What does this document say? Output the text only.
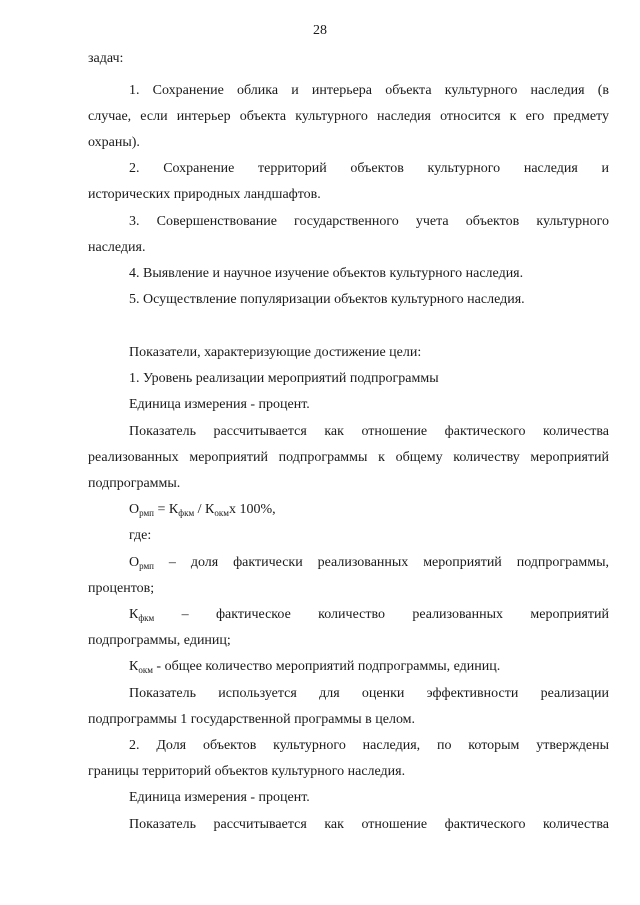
28
задач:
1. Сохранение облика и интерьера объекта культурного наследия (в
случае, если интерьер объекта культурного наследия относится к его предмету
охраны).
2. Сохранение территорий объектов культурного наследия и
исторических природных ландшафтов.
3. Совершенствование государственного учета объектов культурного
наследия.
4. Выявление и научное изучение объектов культурного наследия.
5. Осуществление популяризации объектов культурного наследия.
Показатели, характеризующие достижение цели:
1. Уровень реализации мероприятий подпрограммы
Единица измерения - процент.
Показатель рассчитывается как отношение фактического количества
реализованных мероприятий подпрограммы к общему количеству мероприятий
подпрограммы.
$О_{рмп} = К_{фкм} / К_{окм}х$ 100%,
где:
$О_{рмп}$ – доля фактически реализованных мероприятий подпрограммы,
процентов;
$К_{фкм}$ – фактическое количество реализованных мероприятий
подпрограммы, единиц;
$К_{окм}$ - общее количество мероприятий подпрограммы, единиц.
Показатель используется для оценки эффективности реализации
подпрограммы 1 государственной программы в целом.
2. Доля объектов культурного наследия, по которым утверждены
границы территорий объектов культурного наследия.
Единица измерения - процент.
Показатель рассчитывается как отношение фактического количества
